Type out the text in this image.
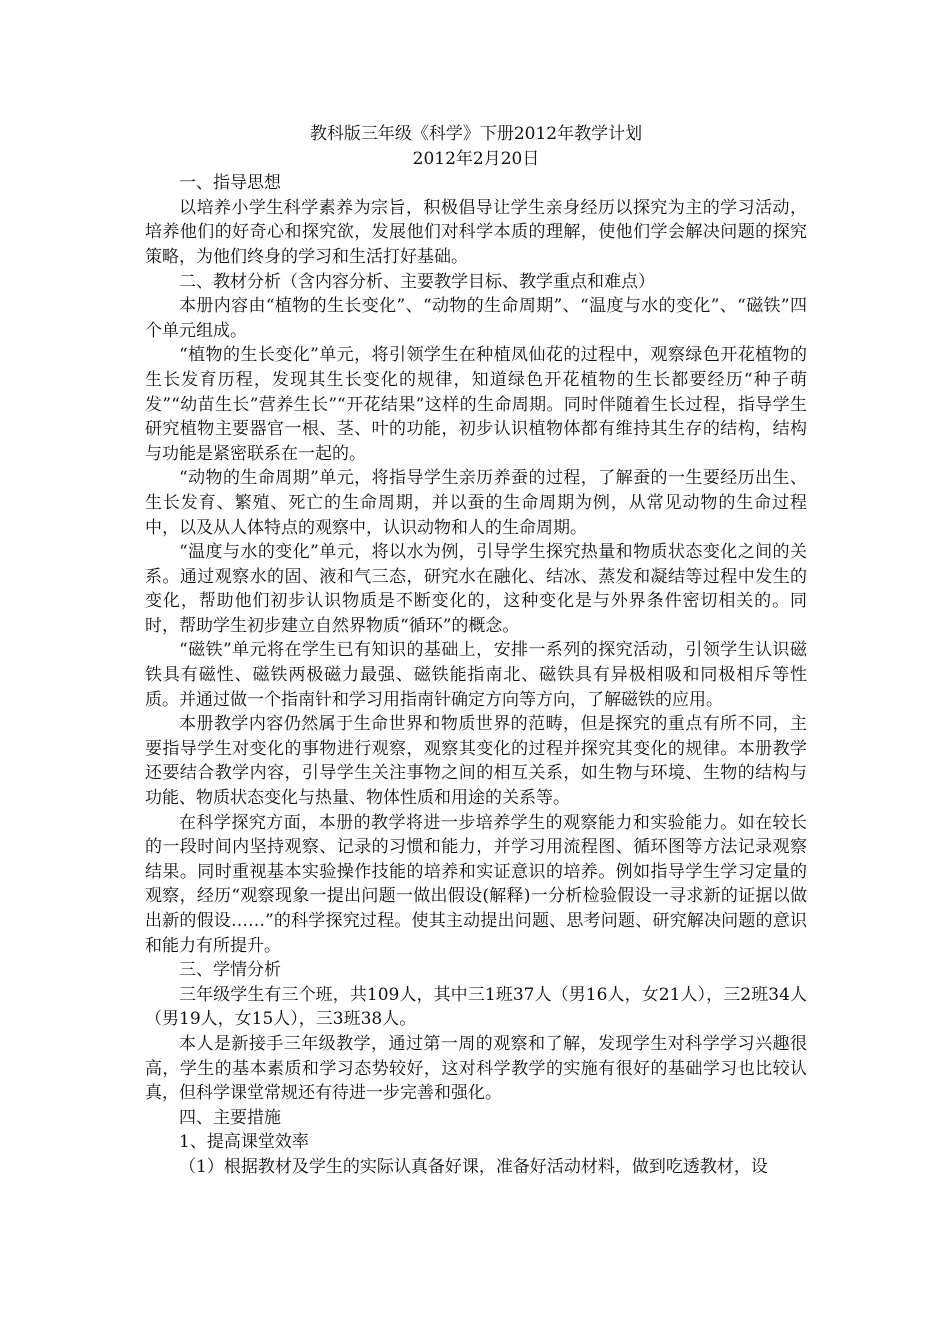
教科版三年级《科学》下册2012年教学计划

2012年2月20日

一、指导思想

以培养小学生科学素养为宗旨，积极倡导让学生亲身经历以探究为主的学习活动，培养他们的好奇心和探究欲，发展他们对科学本质的理解，使他们学会解决问题的探究策略，为他们终身的学习和生活打好基础。

二、教材分析（含内容分析、主要教学目标、教学重点和难点）

本册内容由“植物的生长变化”、“动物的生命周期”、“温度与水的变化”、“磁铁”四个单元组成。

“植物的生长变化”单元，将引领学生在种植凤仙花的过程中，观察绿色开花植物的生长发育历程，发现其生长变化的规律，知道绿色开花植物的生长都要经历“种子萌发”“幼苗生长”营养生长”“开花结果”这样的生命周期。同时伴随着生长过程，指导学生研究植物主要器官一根、茎、叶的功能，初步认识植物体都有维持其生存的结构，结构与功能是紧密联系在一起的。

“动物的生命周期”单元，将指导学生亲历养蚕的过程，了解蚕的一生要经历出生、生长发育、繁殖、死亡的生命周期，并以蚕的生命周期为例，从常见动物的生命过程中，以及从人体特点的观察中，认识动物和人的生命周期。

“温度与水的变化”单元，将以水为例，引导学生探究热量和物质状态变化之间的关系。通过观察水的固、液和气三态，研究水在融化、结冰、蒸发和凝结等过程中发生的变化，帮助他们初步认识物质是不断变化的，这种变化是与外界条件密切相关的。同时，帮助学生初步建立自然界物质“循环”的概念。

“磁铁”单元将在学生已有知识的基础上，安排一系列的探究活动，引领学生认识磁铁具有磁性、磁铁两极磁力最强、磁铁能指南北、磁铁具有异极相吸和同极相斥等性质。并通过做一个指南针和学习用指南针确定方向等方向，了解磁铁的应用。

本册教学内容仍然属于生命世界和物质世界的范畴，但是探究的重点有所不同，主要指导学生对变化的事物进行观察，观察其变化的过程并探究其变化的规律。本册教学还要结合教学内容，引导学生关注事物之间的相互关系，如生物与环境、生物的结构与功能、物质状态变化与热量、物体性质和用途的关系等。

在科学探究方面，本册的教学将进一步培养学生的观察能力和实验能力。如在较长的一段时间内坚持观察、记录的习惯和能力，并学习用流程图、循环图等方法记录观察结果。同时重视基本实验操作技能的培养和实证意识的培养。例如指导学生学习定量的观察，经历“观察现象一提出问题一做出假设(解释)一分析检验假设一寻求新的证据以做出新的假设……”的科学探究过程。使其主动提出问题、思考问题、研究解决问题的意识和能力有所提升。

三、学情分析

三年级学生有三个班，共109人，其中三1班37人（男16人，女21人），三2班34人（男19人，女15人），三3班38人。

本人是新接手三年级教学，通过第一周的观察和了解，发现学生对科学学习兴趣很高，学生的基本素质和学习态势较好，这对科学教学的实施有很好的基础学习也比较认真，但科学课堂常规还有待进一步完善和强化。

四、主要措施

1、提高课堂效率

（1）根据教材及学生的实际认真备好课，准备好活动材料，做到吃透教材，设
